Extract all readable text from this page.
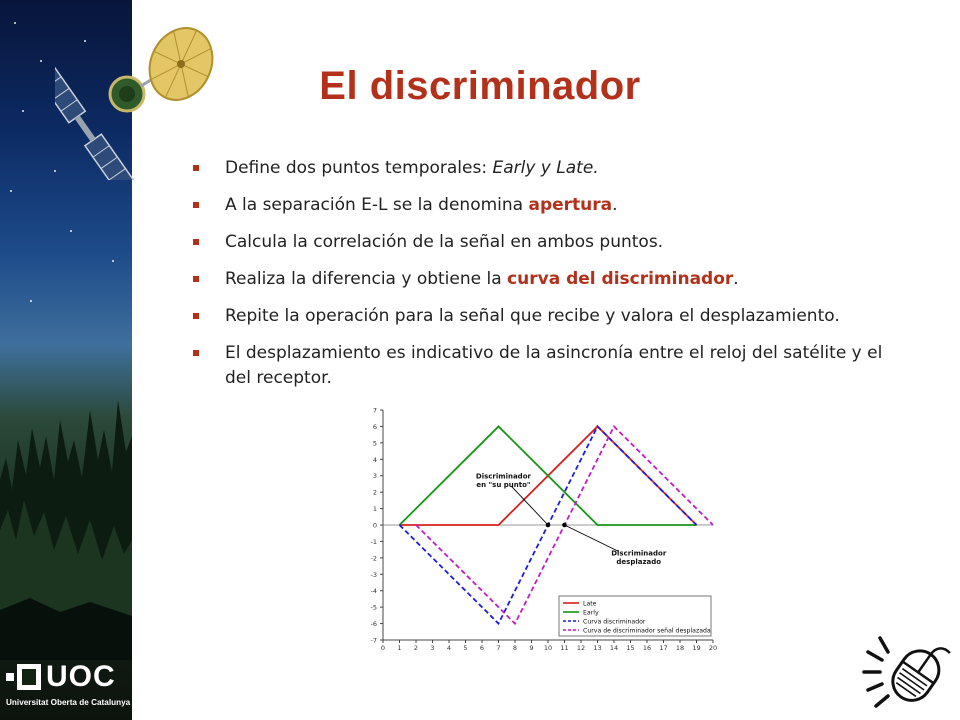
UOC
Universitat Oberta de Catalunya
El discriminador
Define dos puntos temporales: Early y Late.
A la separación E-L se la denomina apertura.
Calcula la correlación de la señal en ambos puntos.
Realiza la diferencia y obtiene la curva del discriminador.
Repite la operación para la señal que recibe y valora el desplazamiento.
El desplazamiento es indicativo de la asincronía entre el reloj del satélite y el del receptor.
7
6
5
4
3
2
1
0
-1
-2
-3
-4
-5
-6
-7
0 1 2 3 4 5 6 7 8 9 10 11 12 13 14 15 16 17 18 19 20
Discriminador
en "su punto"
Discriminador
desplazado
Late
Early
Curva discriminador
Curva de discriminador señal desplazada
